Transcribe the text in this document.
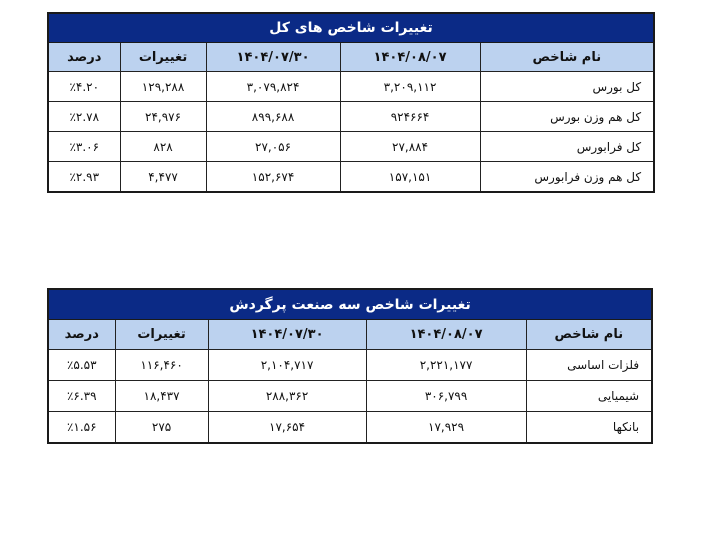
تغییرات شاخص های کل				
نام شاخص	۱۴۰۴/۰۸/۰۷	۱۴۰۴/۰۷/۳۰	تغییرات	درصد
کل بورس	۳,۲۰۹,۱۱۲	۳,۰۷۹,۸۲۴	۱۲۹,۲۸۸	٪۴.۲۰
کل هم وزن بورس	۹۲۴۶۶۴	۸۹۹,۶۸۸	۲۴,۹۷۶	٪۲.۷۸
کل فرابورس	۲۷,۸۸۴	۲۷,۰۵۶	۸۲۸	٪۳.۰۶
کل هم وزن فرابورس	۱۵۷,۱۵۱	۱۵۲,۶۷۴	۴,۴۷۷	٪۲.۹۳
تغییرات شاخص سه صنعت پرگردش				
نام شاخص	۱۴۰۴/۰۸/۰۷	۱۴۰۴/۰۷/۳۰	تغییرات	درصد
فلزات اساسی	۲,۲۲۱,۱۷۷	۲,۱۰۴,۷۱۷	۱۱۶,۴۶۰	٪۵.۵۳
شیمیایی	۳۰۶,۷۹۹	۲۸۸,۳۶۲	۱۸,۴۳۷	٪۶.۳۹
بانکها	۱۷,۹۲۹	۱۷,۶۵۴	۲۷۵	٪۱.۵۶
